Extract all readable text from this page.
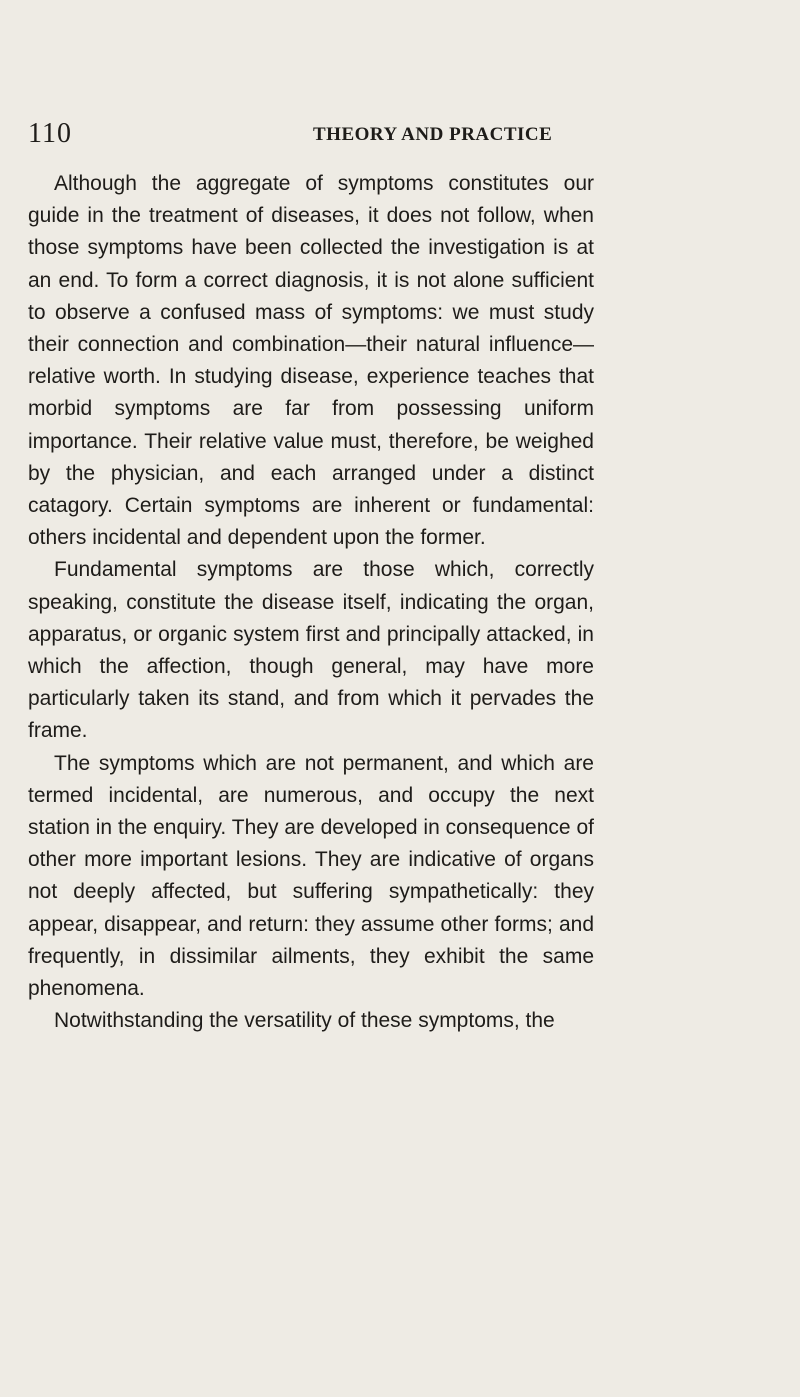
110	THEORY AND PRACTICE

Although the aggregate of symptoms constitutes our guide in the treatment of diseases, it does not follow, when those symptoms have been collected the investigation is at an end. To form a correct diagnosis, it is not alone sufficient to observe a confused mass of symptoms: we must study their connection and combination—their natural influence—relative worth. In studying disease, experience teaches that morbid symptoms are far from possessing uniform importance. Their relative value must, therefore, be weighed by the physician, and each arranged under a distinct catagory. Certain symptoms are inherent or fundamental: others incidental and dependent upon the former.

Fundamental symptoms are those which, correctly speaking, constitute the disease itself, indicating the organ, apparatus, or organic system first and principally attacked, in which the affection, though general, may have more particularly taken its stand, and from which it pervades the frame.

The symptoms which are not permanent, and which are termed incidental, are numerous, and occupy the next station in the enquiry. They are developed in consequence of other more important lesions. They are indicative of organs not deeply affected, but suffering sympathetically: they appear, disappear, and return: they assume other forms; and frequently, in dissimilar ailments, they exhibit the same phenomena.

Notwithstanding the versatility of these symptoms, the
